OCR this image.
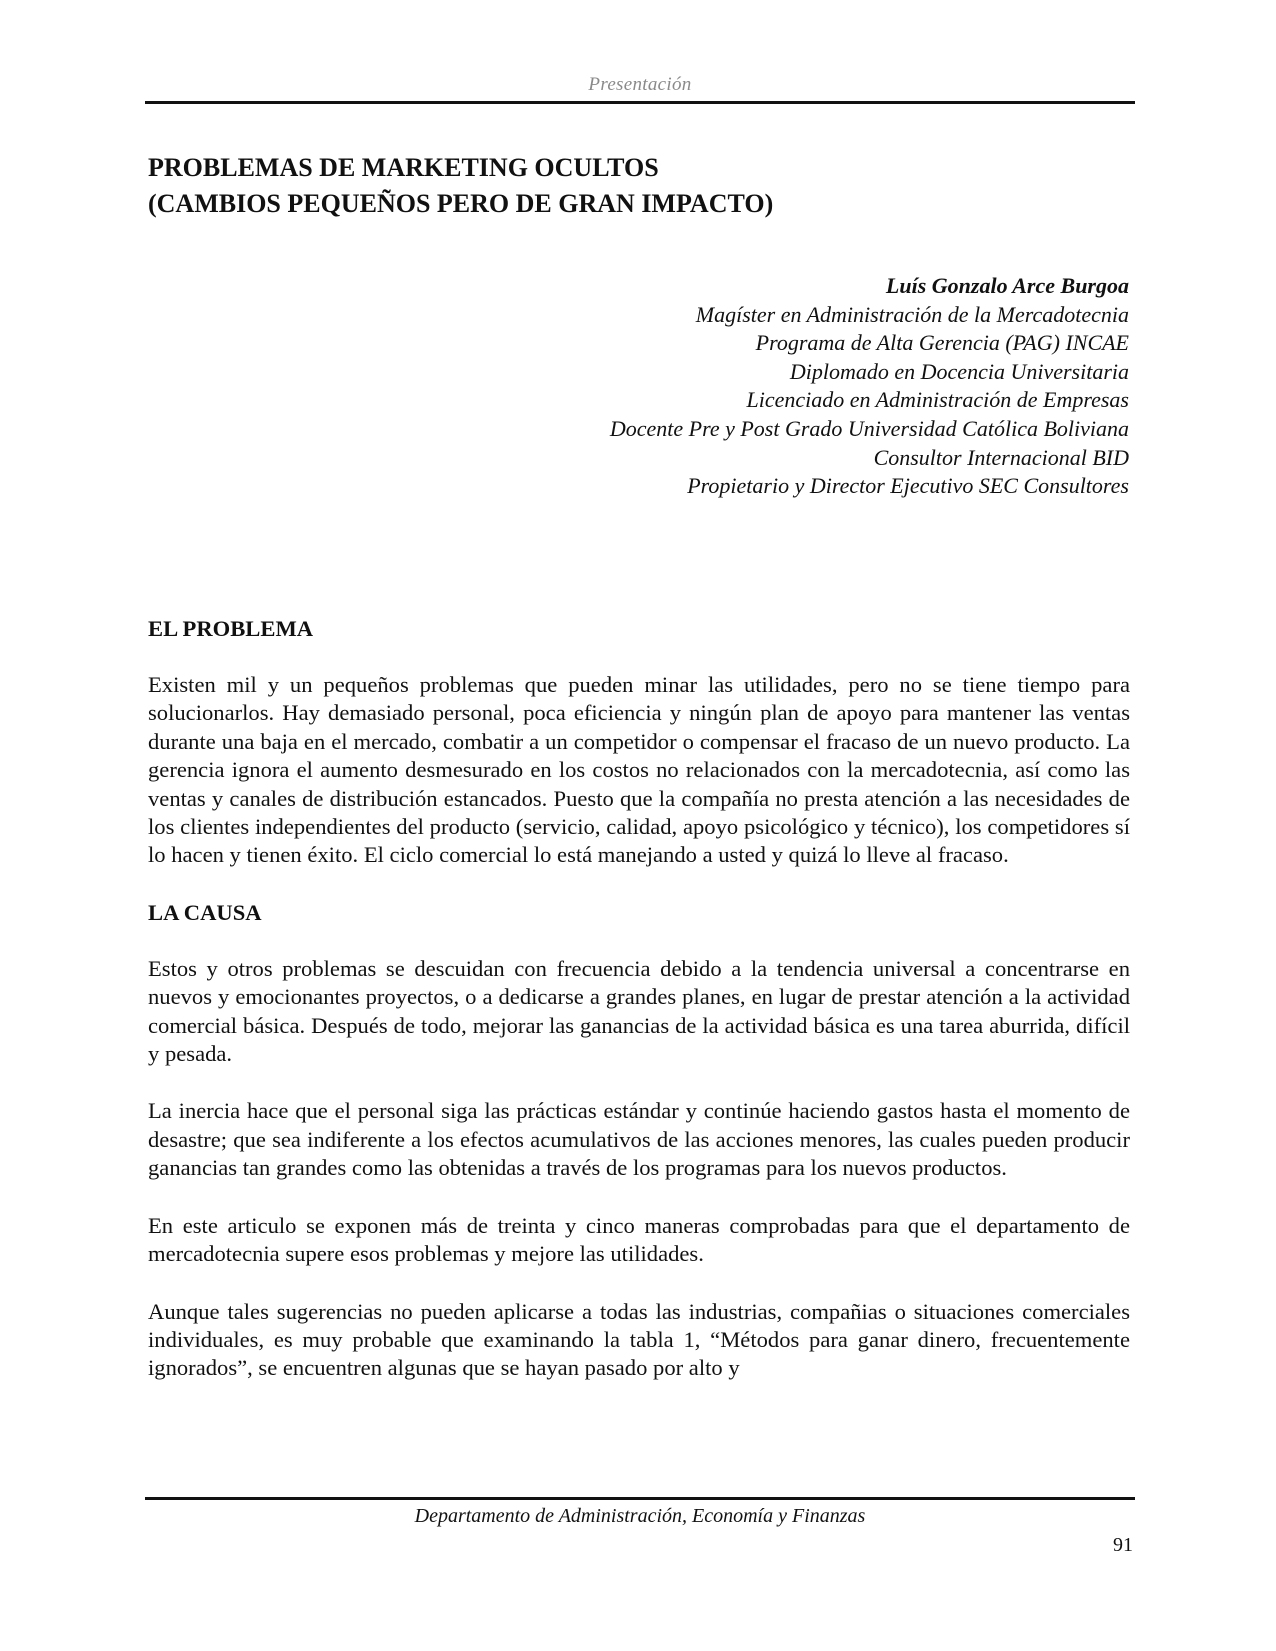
Presentación
PROBLEMAS DE MARKETING OCULTOS
(CAMBIOS PEQUEÑOS PERO DE GRAN IMPACTO)
Luís Gonzalo Arce Burgoa
Magíster en Administración de la Mercadotecnia
Programa de Alta Gerencia (PAG) INCAE
Diplomado en Docencia Universitaria
Licenciado en Administración de Empresas
Docente Pre y Post Grado Universidad Católica Boliviana
Consultor Internacional BID
Propietario y Director Ejecutivo SEC Consultores
EL PROBLEMA

Existen mil y un pequeños problemas que pueden minar las utilidades, pero no se tiene tiempo para solucionarlos. Hay demasiado personal, poca eficiencia y ningún plan de apoyo para mantener las ventas durante una baja en el mercado, combatir a un competidor o compensar el fracaso de un nuevo producto. La gerencia ignora el aumento desmesurado en los costos no relacionados con la mercadotecnia, así como las ventas y canales de distribución estancados. Puesto que la compañía no presta atención a las necesidades de los clientes independientes del producto (servicio, calidad, apoyo psicológico y técnico), los competidores sí lo hacen y tienen éxito. El ciclo comercial lo está manejando a usted y quizá lo lleve al fracaso.

LA CAUSA

Estos y otros problemas se descuidan con frecuencia debido a la tendencia universal a concentrarse en nuevos y emocionantes proyectos, o a dedicarse a grandes planes, en lugar de prestar atención a la actividad comercial básica. Después de todo, mejorar las ganancias de la actividad básica es una tarea aburrida, difícil y pesada.

La inercia hace que el personal siga las prácticas estándar y continúe haciendo gastos hasta el momento de desastre; que sea indiferente a los efectos acumulativos de las acciones menores, las cuales pueden producir ganancias tan grandes como las obtenidas a través de los programas para los nuevos productos.

En este articulo se exponen más de treinta y cinco maneras comprobadas para que el departamento de mercadotecnia supere esos problemas y mejore las utilidades.

Aunque tales sugerencias no pueden aplicarse a todas las industrias, compañias o situaciones comerciales individuales, es muy probable que examinando la tabla 1, “Métodos para ganar dinero, frecuentemente ignorados”, se encuentren algunas que se hayan pasado por alto y

Departamento de Administración, Economía y Finanzas
91
